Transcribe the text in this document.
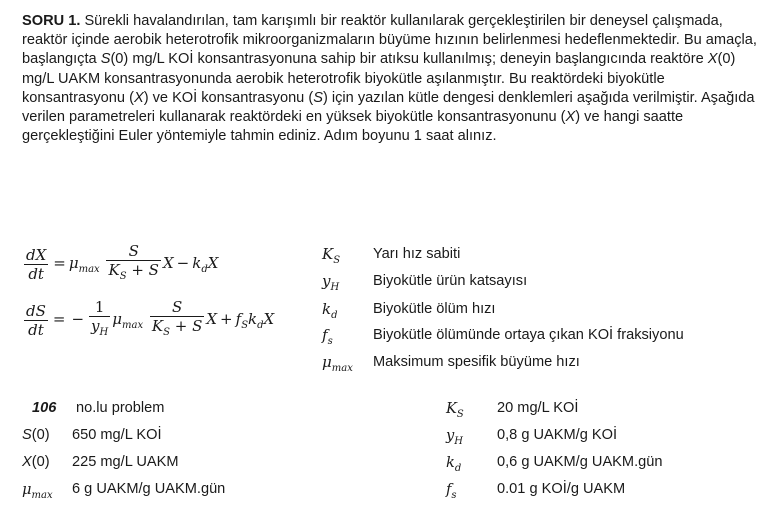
SORU 1. Sürekli havalandırılan, tam karışımlı bir reaktör kullanılarak gerçekleştirilen bir deneysel çalışmada, reaktör içinde aerobik heterotrofik mikroorganizmaların büyüme hızının belirlenmesi hedeflenmektedir. Bu amaçla, başlangıçta S(0) mg/L KOİ konsantrasyonuna sahip bir atıksu kullanılmış; deneyin başlangıcında reaktöre X(0) mg/L UAKM konsantrasyonunda aerobik heterotrofik biyokütle aşılanmıştır. Bu reaktördeki biyokütle konsantrasyonu (X) ve KOİ konsantrasyonu (S) için yazılan kütle dengesi denklemleri aşağıda verilmiştir. Aşağıda verilen parametreleri kullanarak reaktördeki en yüksek biyokütle konsantrasyonunu (X) ve hangi saatte gerçekleştiğini Euler yöntemiyle tahmin ediniz. Adım boyunu 1 saat alınız.
$\frac{dX}{dt} = \mu_{max} \frac{S}{K_S + S}$ $X - k_dX$
$\frac{dS}{dt}$ = − $\frac{1}{y_H} \mu_{max} \frac{S}{K_S + S}$ $X + f_Sk_dX$
$K_S$ Yarı hız sabiti
$y_H$ Biyokütle ürün katsayısı
$k_d$ Biyokütle ölüm hızı
$f_s$	Biyokütle ölümünde ortaya çıkan KOİ fraksiyonu
$\mu_{max}$ Maksimum spesifik büyüme hızı
106 no.lu problem
S(0) 650 mg/L KOİ
X(0) 225 mg/L UAKM
$\mu_{max}$ 6 g UAKM/g UAKM.gün
$K_S$ 20 mg/L KOİ
$y_H$ 0,8 g UAKM/g KOİ
$k_d$ 0,6 g UAKM/g UAKM.gün
$f_s$	0.01 g KOİ/g UAKM
